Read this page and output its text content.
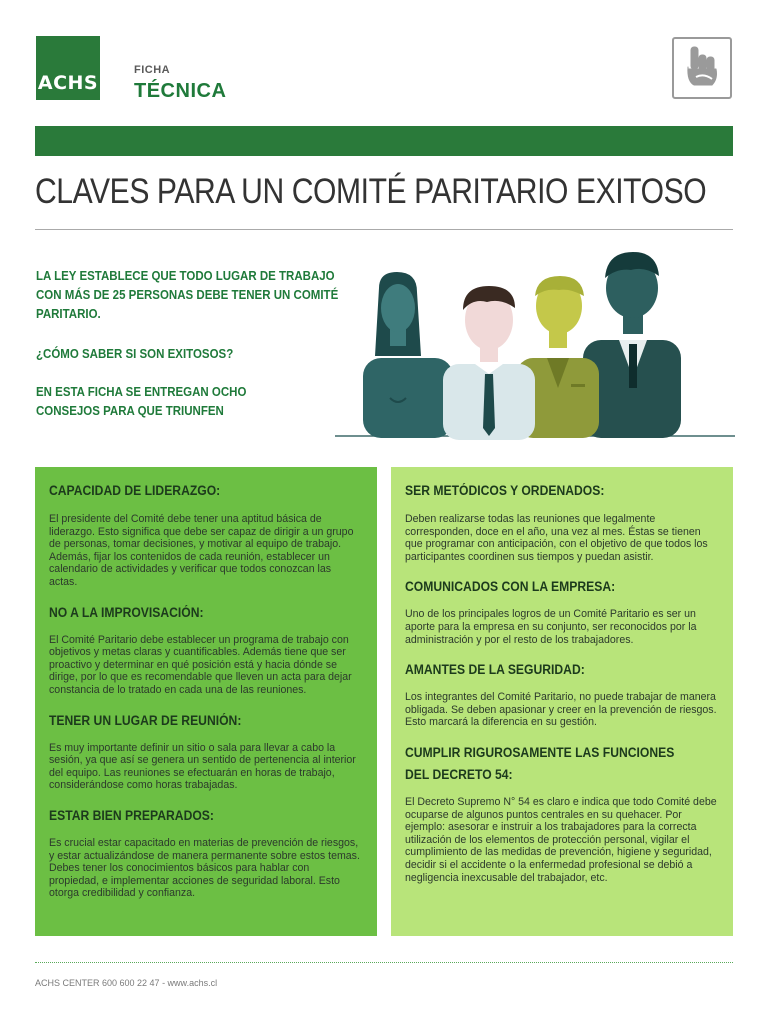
ACHS
FICHA
TÉCNICA
CLAVES PARA UN COMITÉ PARITARIO EXITOSO

LA LEY ESTABLECE QUE TODO LUGAR DE TRABAJO

CON MÁS DE 25 PERSONAS DEBE TENER UN COMITÉ

PARITARIO.

¿CÓMO SABER SI SON EXITOSOS?

EN ESTA FICHA SE ENTREGAN OCHO

CONSEJOS PARA QUE TRIUNFEN

CAPACIDAD DE LIDERAZGO:

El presidente del Comité debe tener una aptitud básica de liderazgo. Esto significa que debe ser capaz de dirigir a un grupo de personas, tomar decisiones, y motivar al equipo de trabajo. Además, fijar los contenidos de cada reunión, establecer un calendario de actividades y verificar que todos conozcan las actas.

NO A LA IMPROVISACIÓN:

El Comité Paritario debe establecer un programa de trabajo con objetivos y metas claras y cuantificables. Además tiene que ser proactivo y determinar en qué posición está y hacia dónde se dirige, por lo que es recomendable que lleven un acta para dejar constancia de lo tratado en cada una de las reuniones.

TENER UN LUGAR DE REUNIÓN:

Es muy importante definir un sitio o sala para llevar a cabo la sesión, ya que así se genera un sentido de pertenencia al interior del equipo. Las reuniones se efectuarán en horas de trabajo, considerándose como horas trabajadas.

ESTAR BIEN PREPARADOS:

Es crucial estar capacitado en materias de prevención de riesgos, y estar actualizándose de manera permanente sobre estos temas. Debes tener los conocimientos básicos para hablar con propiedad, e implementar acciones de seguridad laboral. Esto otorga credibilidad y confianza.

SER METÓDICOS Y ORDENADOS:

Deben realizarse todas las reuniones que legalmente corresponden, doce en el año, una vez al mes. Éstas se tienen que programar con anticipación, con el objetivo de que todos los participantes coordinen sus tiempos y puedan asistir.

COMUNICADOS CON LA EMPRESA:

Uno de los principales logros de un Comité Paritario es ser un aporte para la empresa en su conjunto, ser reconocidos por la administración y por el resto de los trabajadores.

AMANTES DE LA SEGURIDAD:

Los integrantes del Comité Paritario, no puede trabajar de manera obligada. Se deben apasionar y creer en la prevención de riesgos. Esto marcará la diferencia en su gestión.

CUMPLIR RIGUROSAMENTE LAS FUNCIONES
DEL DECRETO 54:

El Decreto Supremo N° 54 es claro e indica que todo Comité debe ocuparse de algunos puntos centrales en su quehacer. Por ejemplo: asesorar e instruir a los trabajadores para la correcta utilización de los elementos de protección personal, vigilar el cumplimiento de las medidas de prevención, higiene y seguridad, decidir si el accidente o la enfermedad profesional se debió a negligencia inexcusable del trabajador, etc.

ACHS CENTER 600 600 22 47 - www.achs.cl
